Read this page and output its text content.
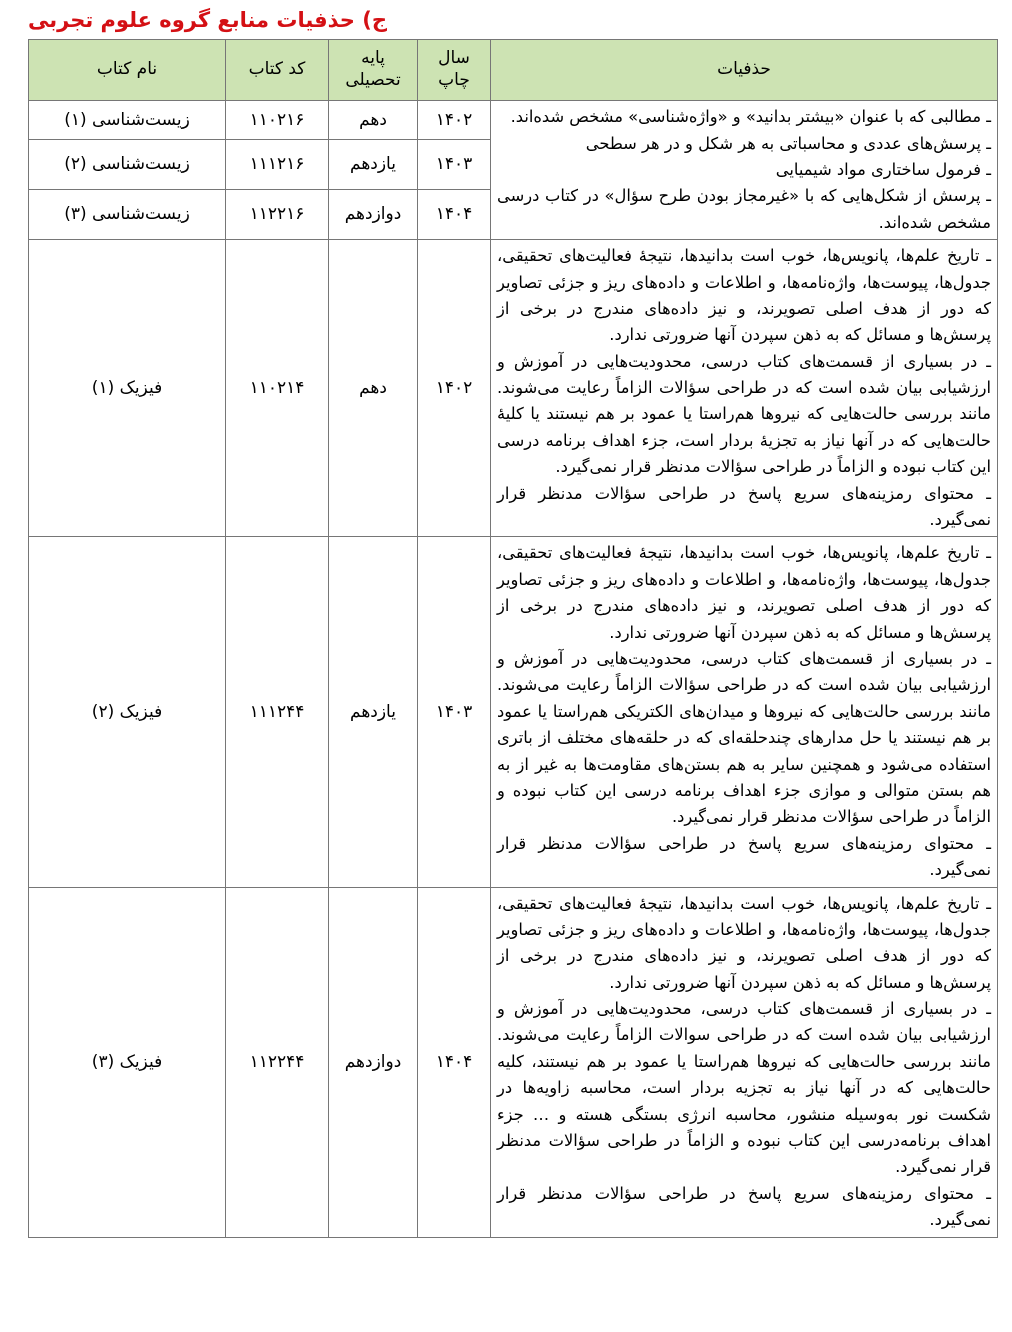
ج) حذفیات منابع گروه علوم تجربی
حذفیات	سال چاپ	پایه تحصیلی	کد کتاب	نام کتاب

ـ مطالبی که با عنوان «بیشتر بدانید» و «واژه‌شناسی» مشخص شده‌اند.
ـ پرسش‌های عددی و محاسباتی به هر شکل و در هر سطحی
ـ فرمول ساختاری مواد شیمیایی
ـ پرسش از شکل‌هایی که با «غیرمجاز بودن طرح سؤال» در کتاب درسی مشخص شده‌اند.	۱۴۰۲	دهم	۱۱۰۲۱۶	زیست‌شناسی (۱)
	۱۴۰۳	یازدهم	۱۱۱۲۱۶	زیست‌شناسی (۲)
	۱۴۰۴	دوازدهم	۱۱۲۲۱۶	زیست‌شناسی (۳)

ـ تاریخ علم‌ها، پانویس‌ها، خوب است بدانیدها، نتیجهٔ فعالیت‌های تحقیقی، جدول‌ها، پیوست‌ها، واژه‌نامه‌ها، و اطلاعات و داده‌های ریز و جزئی تصاویر که دور از هدف اصلی تصویرند، و نیز داده‌های مندرج در برخی از پرسش‌ها و مسائل که به ذهن سپردن آنها ضرورتی ندارد.
ـ در بسیاری از قسمت‌های کتاب درسی، محدودیت‌هایی در آموزش و ارزشیابی بیان شده است که در طراحی سؤالات الزاماً رعایت می‌شوند. مانند بررسی حالت‌هایی که نیروها هم‌راستا یا عمود بر هم نیستند یا کلیهٔ حالت‌هایی که در آنها نیاز به تجزیهٔ بردار است، جزء اهداف برنامه درسی این کتاب نبوده و الزاماً در طراحی سؤالات مدنظر قرار نمی‌گیرد.
ـ محتوای رمزینه‌های سریع پاسخ در طراحی سؤالات مدنظر قرار نمی‌گیرد.	۱۴۰۲	دهم	۱۱۰۲۱۴	فیزیک (۱)

ـ تاریخ علم‌ها، پانویس‌ها، خوب است بدانیدها، نتیجهٔ فعالیت‌های تحقیقی، جدول‌ها، پیوست‌ها، واژه‌نامه‌ها، و اطلاعات و داده‌های ریز و جزئی تصاویر که دور از هدف اصلی تصویرند، و نیز داده‌های مندرج در برخی از پرسش‌ها و مسائل که به ذهن سپردن آنها ضرورتی ندارد.
ـ در بسیاری از قسمت‌های کتاب درسی، محدودیت‌هایی در آموزش و ارزشیابی بیان شده است که در طراحی سؤالات الزاماً رعایت می‌شوند. مانند بررسی حالت‌هایی که نیروها و میدان‌های الکتریکی هم‌راستا یا عمود بر هم نیستند یا حل مدارهای چندحلقه‌ای که در حلقه‌های مختلف از باتری استفاده می‌شود و همچنین سایر به هم بستن‌های مقاومت‌ها به غیر از به هم بستن متوالی و موازی جزء اهداف برنامه درسی این کتاب نبوده و الزاماً در طراحی سؤالات مدنظر قرار نمی‌گیرد.
ـ محتوای رمزینه‌های سریع پاسخ در طراحی سؤالات مدنظر قرار نمی‌گیرد.	۱۴۰۳	یازدهم	۱۱۱۲۴۴	فیزیک (۲)

ـ تاریخ علم‌ها، پانویس‌ها، خوب است بدانیدها، نتیجهٔ فعالیت‌های تحقیقی، جدول‌ها، پیوست‌ها، واژه‌نامه‌ها، و اطلاعات و داده‌های ریز و جزئی تصاویر که دور از هدف اصلی تصویرند، و نیز داده‌های مندرج در برخی از پرسش‌ها و مسائل که به ذهن سپردن آنها ضرورتی ندارد.
ـ در بسیاری از قسمت‌های کتاب درسی، محدودیت‌هایی در آموزش و ارزشیابی بیان شده است که در طراحی سوالات الزاماً رعایت می‌شوند. مانند بررسی حالت‌هایی که نیروها هم‌راستا یا عمود بر هم نیستند، کلیه حالت‌هایی که در آنها نیاز به تجزیه بردار است، محاسبه زاویه‌ها در شکست نور به‌وسیله منشور، محاسبه انرژی بستگی هسته و … جزء اهداف برنامه‌درسی این کتاب نبوده و الزاماً در طراحی سؤالات مدنظر قرار نمی‌گیرد.
ـ محتوای رمزینه‌های سریع پاسخ در طراحی سؤالات مدنظر قرار نمی‌گیرد.	۱۴۰۴	دوازدهم	۱۱۲۲۴۴	فیزیک (۳)
